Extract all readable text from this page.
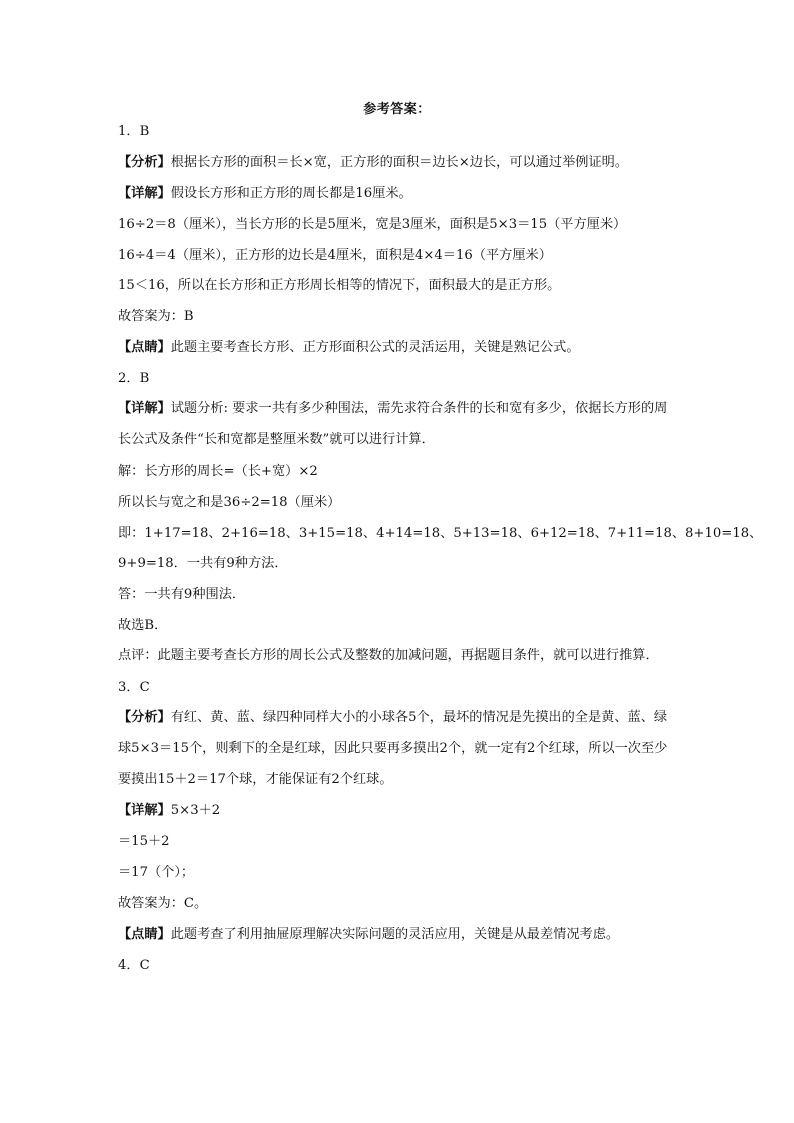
参考答案：
1．B
【分析】根据长方形的面积＝长×宽，正方形的面积＝边长×边长，可以通过举例证明。
【详解】假设长方形和正方形的周长都是16厘米。
16÷2＝8（厘米），当长方形的长是5厘米，宽是3厘米，面积是5×3＝15（平方厘米）
16÷4＝4（厘米），正方形的边长是4厘米，面积是4×4＝16（平方厘米）
15＜16，所以在长方形和正方形周长相等的情况下，面积最大的是正方形。
故答案为：B
【点睛】此题主要考查长方形、正方形面积公式的灵活运用，关键是熟记公式。
2．B
【详解】试题分析: 要求一共有多少种围法，需先求符合条件的长和宽有多少，依据长方形的周长公式及条件“长和宽都是整厘米数”就可以进行计算．
解：长方形的周长=（长+宽）×2
所以长与宽之和是36÷2=18（厘米）
即：1+17=18、2+16=18、3+15=18、4+14=18、5+13=18、6+12=18、7+11=18、8+10=18、
9+9=18．一共有9种方法．
答：一共有9种围法．
故选B．
点评：此题主要考查长方形的周长公式及整数的加减问题，再据题目条件，就可以进行推算．
3．C
【分析】有红、黄、蓝、绿四种同样大小的小球各5个，最坏的情况是先摸出的全是黄、蓝、绿球5×3＝15个，则剩下的全是红球，因此只要再多摸出2个，就一定有2个红球，所以一次至少要摸出15＋2＝17个球，才能保证有2个红球。
【详解】5×3＋2
＝15＋2
＝17（个）；
故答案为：C。
【点睛】此题考查了利用抽屉原理解决实际问题的灵活应用，关键是从最差情况考虑。
4．C
